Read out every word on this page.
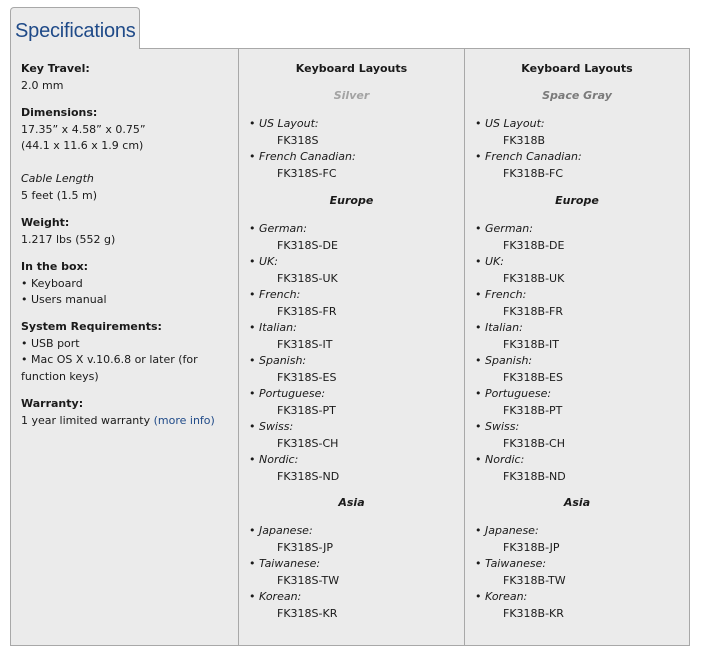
Specifications
Key Travel:
2.0 mm
Dimensions:
17.35” x 4.58” x 0.75”
(44.1 x 11.6 x 1.9 cm)
Cable Length
5 feet (1.5 m)
Weight:
1.217 lbs (552 g)
In the box:
• Keyboard
• Users manual
System Requirements:
• USB port
• Mac OS X v.10.6.8 or later (for
function keys)
Warranty:
1 year limited warranty (more info)
Keyboard Layouts
Silver
Europe
Asia
• US Layout:
FK318S
• French Canadian:
FK318S-FC
• German:
FK318S-DE
• UK:
FK318S-UK
• French:
FK318S-FR
• Italian:
FK318S-IT
• Spanish:
FK318S-ES
• Portuguese:
FK318S-PT
• Swiss:
FK318S-CH
• Nordic:
FK318S-ND
• Japanese:
FK318S-JP
• Taiwanese:
FK318S-TW
• Korean:
FK318S-KR
Keyboard Layouts
Space Gray
Europe
Asia
• US Layout:
FK318B
• French Canadian:
FK318B-FC
• German:
FK318B-DE
• UK:
FK318B-UK
• French:
FK318B-FR
• Italian:
FK318B-IT
• Spanish:
FK318B-ES
• Portuguese:
FK318B-PT
• Swiss:
FK318B-CH
• Nordic:
FK318B-ND
• Japanese:
FK318B-JP
• Taiwanese:
FK318B-TW
• Korean:
FK318B-KR
